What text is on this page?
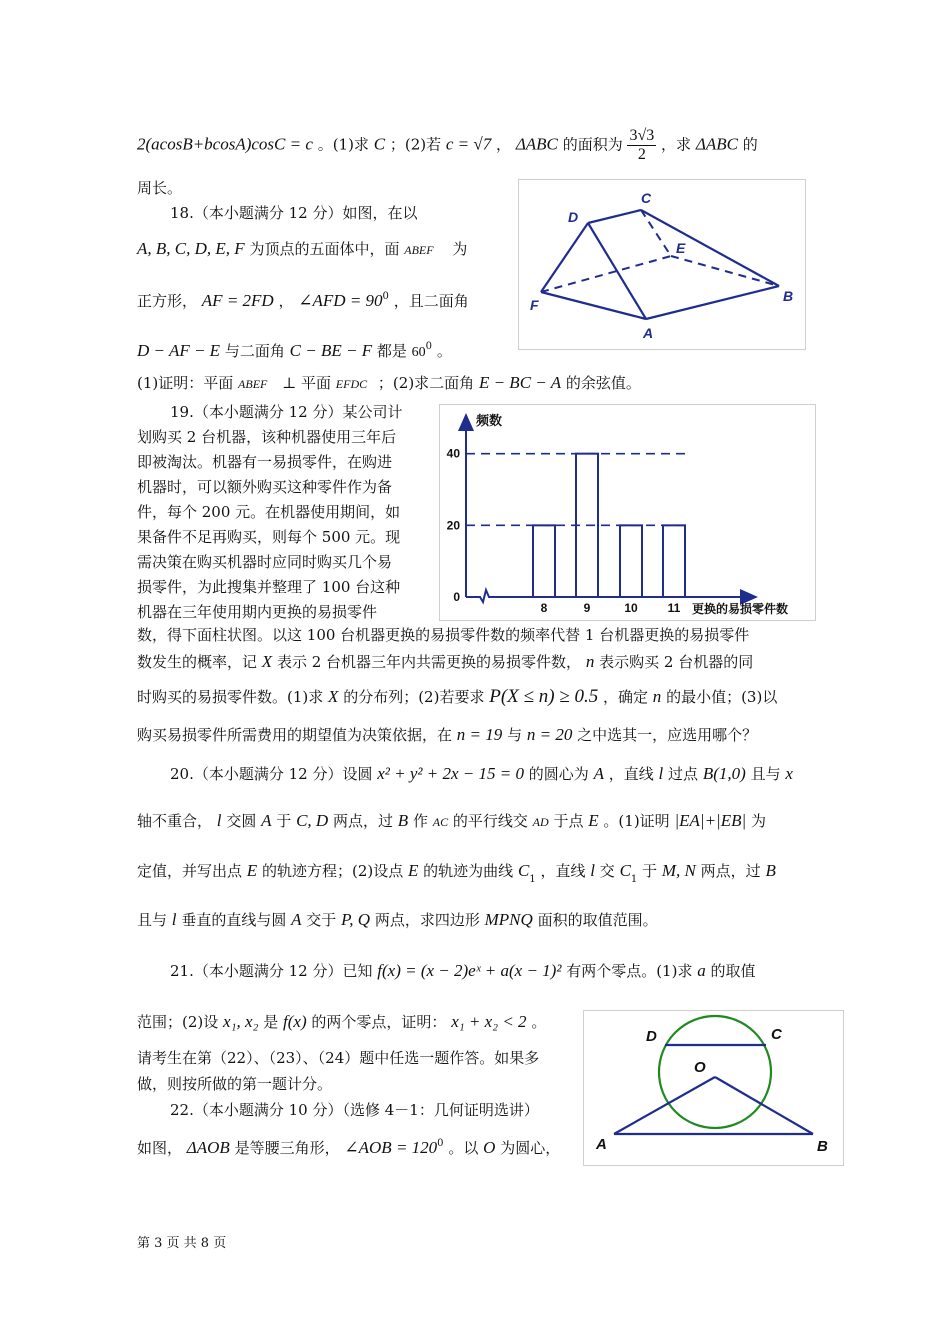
2(acosB+bcosA)cosC = c 。(1)求 C ；(2)若 c = √7 ， ΔABC 的面积为 $\frac{3√3}{2}$ ，求 ΔABC 的
周长。
18.（本小题满分 12 分）如图，在以
A, B, C, D, E, F 为顶点的五面体中，面 ABEF 为
正方形， AF = 2FD ， ∠AFD = $90^0$ ，且二面角
D − AF − E 与二面角 C − BE − F 都是 $60^0$ 。
(1)证明：平面 ABEF ⊥ 平面 EFDC ；(2)求二面角 E − BC − A 的余弦值。
C
D
E
F
A
B
19.（本小题满分 12 分）某公司计
划购买 2 台机器，该种机器使用三年后
即被淘汰。机器有一易损零件，在购进
机器时，可以额外购买这种零件作为备
件，每个 200 元。在机器使用期间，如
果备件不足再购买，则每个 500 元。现
需决策在购买机器时应同时购买几个易
损零件，为此搜集并整理了 100 台这种
机器在三年使用期内更换的易损零件
频数
更换的易损零件数
0
20
40
8	9	10 11
数，得下面柱状图。以这 100 台机器更换的易损零件数的频率代替 1 台机器更换的易损零件
数发生的概率，记 X 表示 2 台机器三年内共需更换的易损零件数， n 表示购买 2 台机器的同
时购买的易损零件数。(1)求 X 的分布列；(2)若要求 P(X ≤ n) ≥ 0.5 ，确定 n 的最小值；(3)以
购买易损零件所需费用的期望值为决策依据，在 n = 19 与 n = 20 之中选其一，应选用哪个？
20.（本小题满分 12 分）设圆 x² + y² + 2x − 15 = 0 的圆心为 A ，直线 l 过点 B(1,0) 且与 x
轴不重合， l 交圆 A 于 C, D 两点，过 B 作 AC 的平行线交 AD 于点 E 。(1)证明 |EA|+|EB| 为
定值，并写出点 E 的轨迹方程；(2)设点 E 的轨迹为曲线 $C_1$ ，直线 l 交 $C_1$ 于 M, N 两点，过 B
且与 l 垂直的直线与圆 A 交于 P, Q 两点，求四边形 MPNQ 面积的取值范围。
21.（本小题满分 12 分）已知 f(x) = (x − 2)eˣ + a(x − 1)² 有两个零点。(1)求 a 的取值
范围；(2)设 x₁, x₂ 是 f(x) 的两个零点，证明： x₁ + x₂ < 2 。
请考生在第（22）、（23）、（24）题中任选一题作答。如果多
做，则按所做的第一题计分。
22.（本小题满分 10 分）（选修 4－1：几何证明选讲）
如图， ΔAOB 是等腰三角形， ∠AOB = $120^0$ 。以 O 为圆心，
D	C
O
A	B
第 3 页 共 8 页
